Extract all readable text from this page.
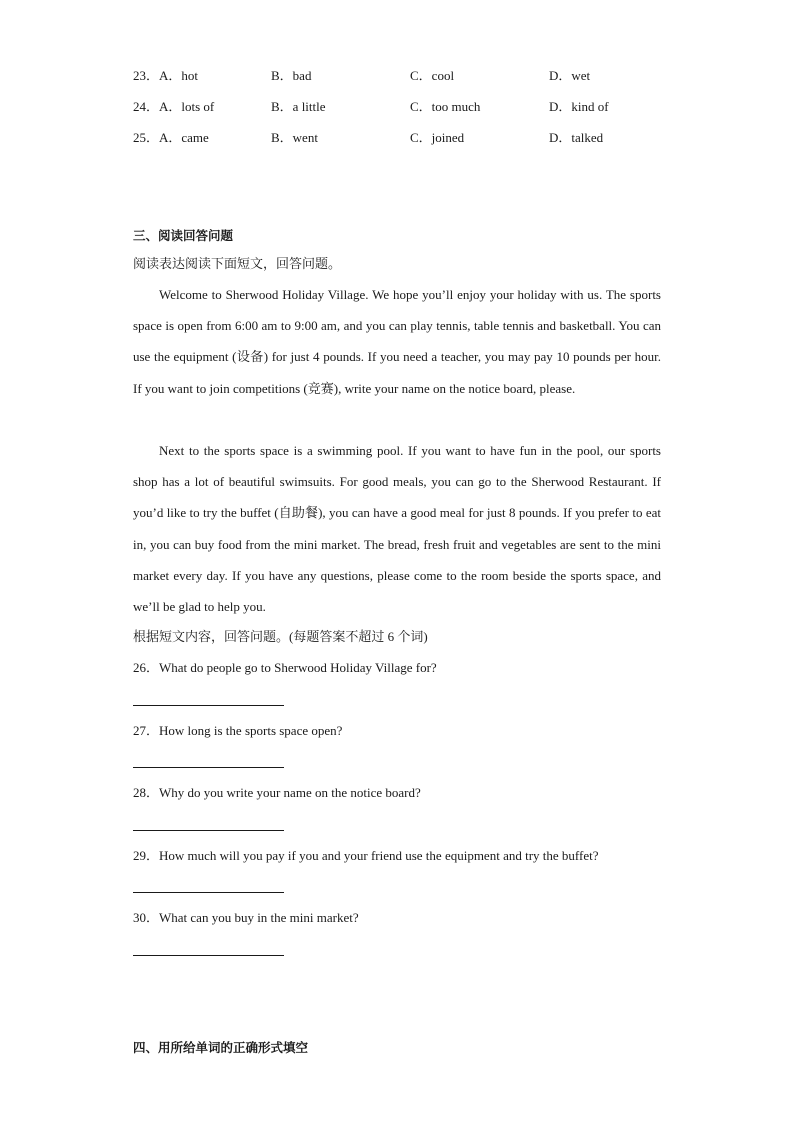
23． A．hot	B．bad	C．cool	D．wet
24． A．lots of	B．a little	C．too much	D．kind of
25． A．came	B．went	C．joined	D．talked
三、阅读回答问题
阅读表达阅读下面短文，回答问题。

Welcome to Sherwood Holiday Village. We hope you’ll enjoy your holiday with us. The sports space is open from 6:00 am to 9:00 am, and you can play tennis, table tennis and basketball. You can use the equipment (设备) for just 4 pounds. If you need a teacher, you may pay 10 pounds per hour. If you want to join competitions (竞赛), write your name on the notice board, please.

Next to the sports space is a swimming pool. If you want to have fun in the pool, our sports shop has a lot of beautiful swimsuits. For good meals, you can go to the Sherwood Restaurant. If you’d like to try the buffet (自助餐), you can have a good meal for just 8 pounds. If you prefer to eat in, you can buy food from the mini market. The bread, fresh fruit and vegetables are sent to the mini market every day. If you have any questions, please come to the room beside the sports space, and we’ll be glad to help you.

根据短文内容，回答问题。(每题答案不超过 6 个词)
26．What do people go to Sherwood Holiday Village for?
27．How long is the sports space open?
28．Why do you write your name on the notice board?
29．How much will you pay if you and your friend use the equipment and try the buffet?
30．What can you buy in the mini market?
四、用所给单词的正确形式填空
